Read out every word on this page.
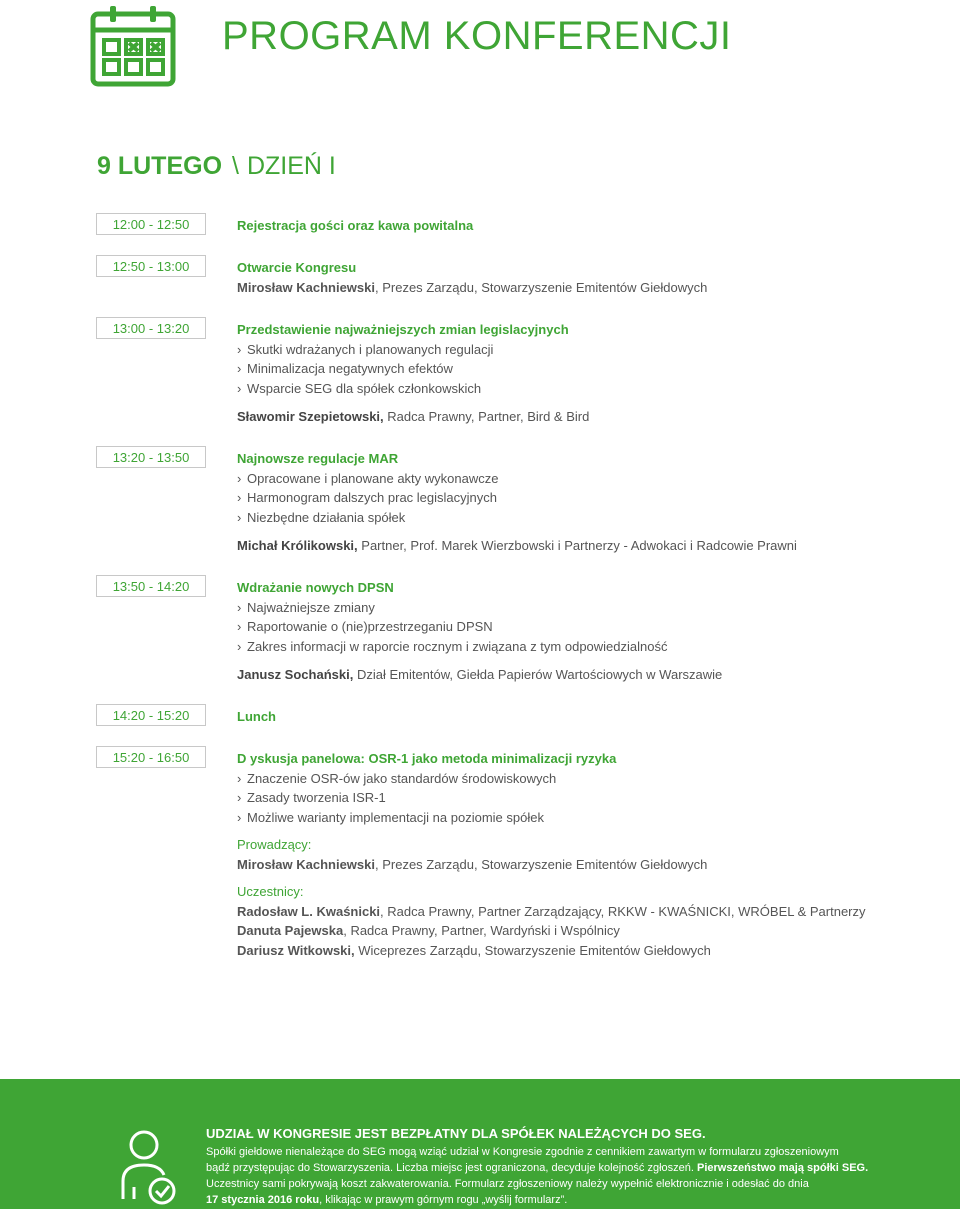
PROGRAM KONFERENCJI
9 LUTEGO \ DZIEŃ I
12:00 - 12:50	Rejestracja gości oraz kawa powitalna
12:50 - 13:00	Otwarcie Kongresu
Mirosław Kachniewski, Prezes Zarządu, Stowarzyszenie Emitentów Giełdowych
13:00 - 13:20	Przedstawienie najważniejszych zmian legislacyjnych
› Skutki wdrażanych i planowanych regulacji
› Minimalizacja negatywnych efektów
› Wsparcie SEG dla spółek członkowskich
Sławomir Szepietowski, Radca Prawny, Partner, Bird & Bird
13:20 - 13:50	Najnowsze regulacje MAR
› Opracowane i planowane akty wykonawcze
› Harmonogram dalszych prac legislacyjnych
› Niezbędne działania spółek
Michał Królikowski, Partner, Prof. Marek Wierzbowski i Partnerzy - Adwokaci i Radcowie Prawni
13:50 - 14:20	Wdrażanie nowych DPSN
› Najważniejsze zmiany
› Raportowanie o (nie)przestrzeganiu DPSN
› Zakres informacji w raporcie rocznym i związana z tym odpowiedzialność
Janusz Sochański, Dział Emitentów, Giełda Papierów Wartościowych w Warszawie
14:20 - 15:20	Lunch
15:20 - 16:50	D yskusja panelowa: OSR-1 jako metoda minimalizacji ryzyka
› Znaczenie OSR-ów jako standardów środowiskowych
› Zasady tworzenia ISR-1
› Możliwe warianty implementacji na poziomie spółek
Prowadzący:
Mirosław Kachniewski, Prezes Zarządu, Stowarzyszenie Emitentów Giełdowych
Uczestnicy:
Radosław L. Kwaśnicki, Radca Prawny, Partner Zarządzający, RKKW - KWAŚNICKI, WRÓBEL & Partnerzy
Danuta Pajewska, Radca Prawny, Partner, Wardyński i Wspólnicy
Dariusz Witkowski, Wiceprezes Zarządu, Stowarzyszenie Emitentów Giełdowych
UDZIAŁ W KONGRESIE JEST BEZPŁATNY DLA SPÓŁEK NALEŻĄCYCH DO SEG.
Spółki giełdowe nienależące do SEG mogą wziąć udział w Kongresie zgodnie z cennikiem zawartym w formularzu zgłoszeniowym
bądź przystępując do Stowarzyszenia. Liczba miejsc jest ograniczona, decyduje kolejność zgłoszeń. Pierwszeństwo mają spółki SEG.
Uczestnicy sami pokrywają koszt zakwaterowania. Formularz zgłoszeniowy należy wypełnić elektronicznie i odesłać do dnia
17 stycznia 2016 roku, klikając w prawym górnym rogu „wyślij formularz”.
